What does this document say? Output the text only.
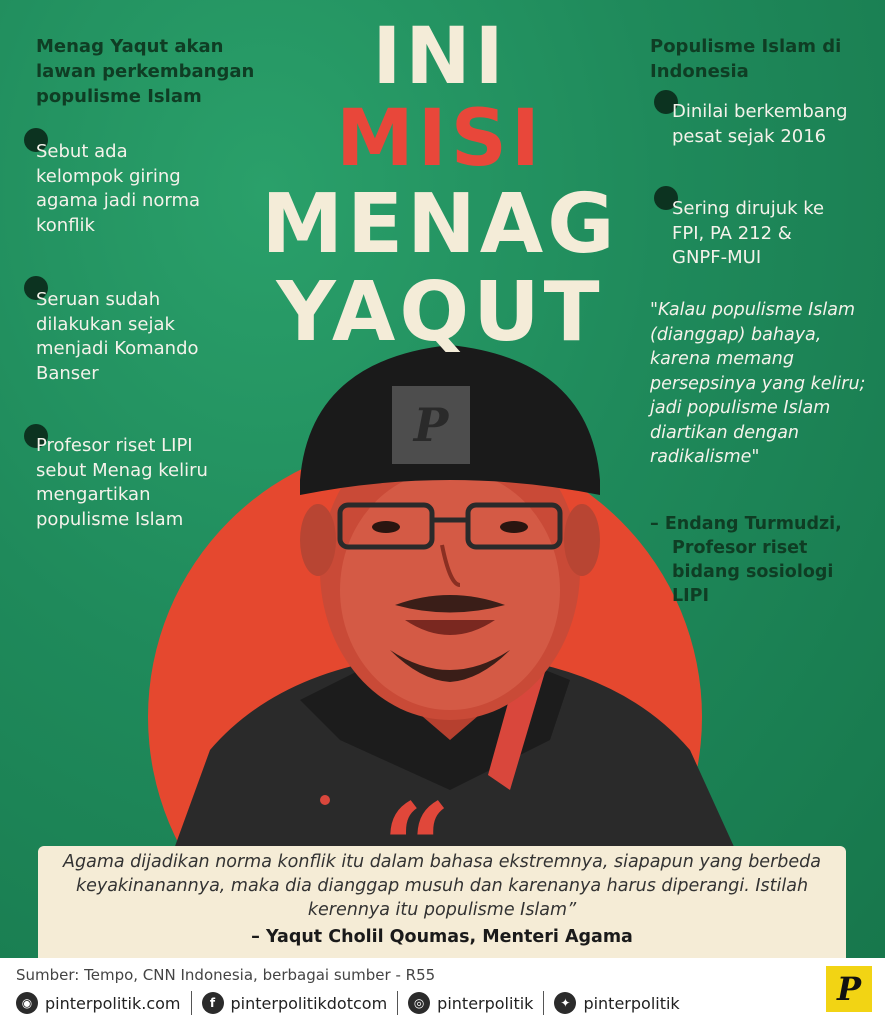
P
INI
MISI
MENAG
YAQUT
Menag Yaqut akan lawan perkembangan populisme Islam
Sebut ada kelompok giring agama jadi norma konflik
Seruan sudah dilakukan sejak menjadi Komando Banser
Profesor riset LIPI sebut Menag keliru mengartikan populisme Islam
Populisme Islam di Indonesia
Dinilai berkembang pesat sejak 2016
Sering dirujuk ke FPI, PA 212 & GNPF-MUI
"Kalau populisme Islam (dianggap) bahaya, karena memang persepsinya yang keliru; jadi populisme Islam diartikan dengan radikalisme"
– Endang Turmudzi,
Profesor riset bidang sosiologi LIPI
Agama dijadikan norma konflik itu dalam bahasa ekstremnya, siapapun yang berbeda keyakinanannya, maka dia dianggap musuh dan karenanya harus diperangi. Istilah kerennya itu populisme Islam”
– Yaqut Cholil Qoumas, Menteri Agama
Sumber: Tempo, CNN Indonesia, berbagai sumber - R55
◉ pinterpolitik.com	f pinterpolitikdotcom	◎ pinterpolitik	✦ pinterpolitik	P
